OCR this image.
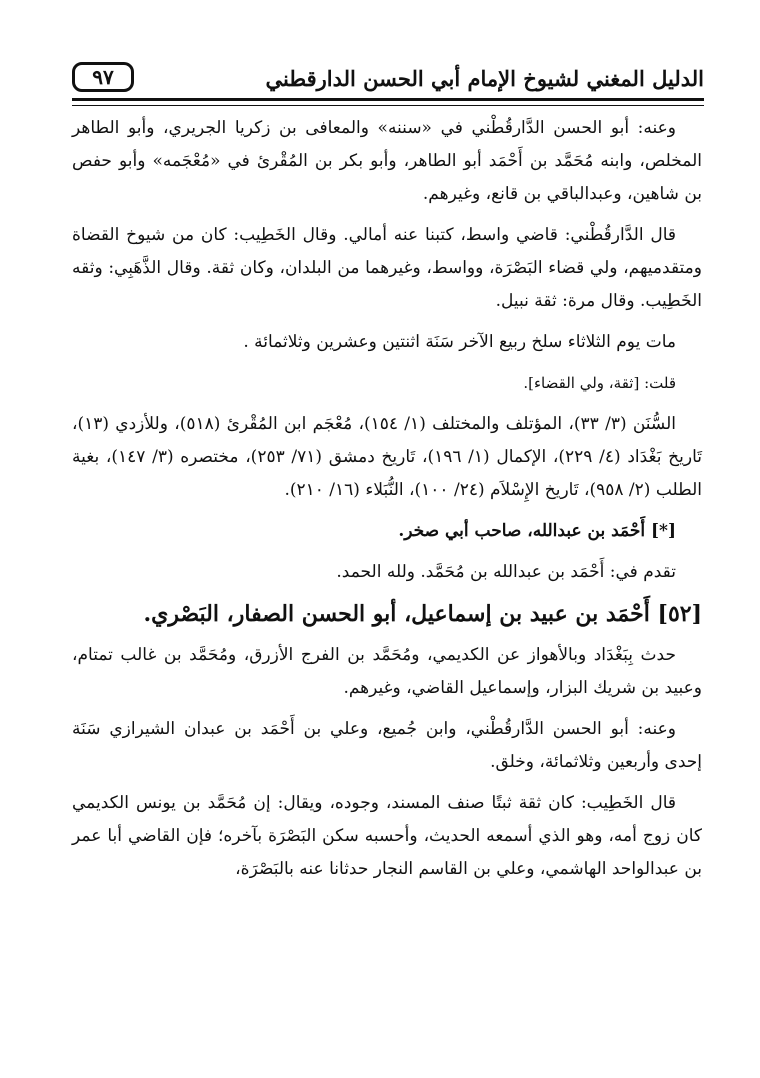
٩٧	الدليل المغني لشيوخ الإمام أبي الحسن الدارقطني

وعنه: أبو الحسن الدَّارقُطْني في «سننه» والمعافى بن زكريا الجريري، وأبو الطاهر المخلص، وابنه مُحَمَّد بن أَحْمَد أبو الطاهر، وأبو بكر بن المُقْرئ في «مُعْجَمه» وأبو حفص بن شاهين، وعبدالباقي بن قانع، وغيرهم.

قال الدَّارقُطْني: قاضي واسط، كتبنا عنه أمالي. وقال الخَطِيب: كان من شيوخ القضاة ومتقدميهم، ولي قضاء البَصْرَة، وواسط، وغيرهما من البلدان، وكان ثقة. وقال الذَّهَبِي: وثقه الخَطِيب. وقال مرة: ثقة نبيل.

مات يوم الثلاثاء سلخ ربيع الآخر سَنَة اثنتين وعشرين وثلاثمائة .

قلت: [ثقة، ولي القضاء].

السُّنَن (٣/ ٣٣)، المؤتلف والمختلف (١/ ١٥٤)، مُعْجَم ابن المُقْرئ (٥١٨)، وللأزدي (١٣)، تَاريخ بَغْدَاد (٤/ ٢٢٩)، الإكمال (١/ ١٩٦)، تَاريخ دمشق (٧١/ ٢٥٣)، مختصره (٣/ ١٤٧)، بغية الطلب (٢/ ٩٥٨)، تَاريخ الإِسْلاَم (٢٤/ ١٠٠)، النُّبَلاء (١٦/ ٢١٠).

[*] أَحْمَد بن عبدالله، صاحب أبي صخر.

تقدم في: أَحْمَد بن عبدالله بن مُحَمَّد. ولله الحمد.

[٥٢] أَحْمَد بن عبيد بن إسماعيل، أبو الحسن الصفار، البَصْري.

حدث بِبَغْدَاد وبالأهواز عن الكديمي، ومُحَمَّد بن الفرج الأزرق، ومُحَمَّد بن غالب تمتام، وعبيد بن شريك البزار، وإسماعيل القاضي، وغيرهم.

وعنه: أبو الحسن الدَّارقُطْني، وابن جُميع، وعلي بن أَحْمَد بن عبدان الشيرازي سَنَة إحدى وأربعين وثلاثمائة، وخلق.

قال الخَطِيب: كان ثقة ثبتًا صنف المسند، وجوده، ويقال: إن مُحَمَّد بن يونس الكديمي كان زوج أمه، وهو الذي أسمعه الحديث، وأحسبه سكن البَصْرَة بآخره؛ فإن القاضي أبا عمر بن عبدالواحد الهاشمي، وعلي بن القاسم النجار حدثانا عنه بالبَصْرَة،
